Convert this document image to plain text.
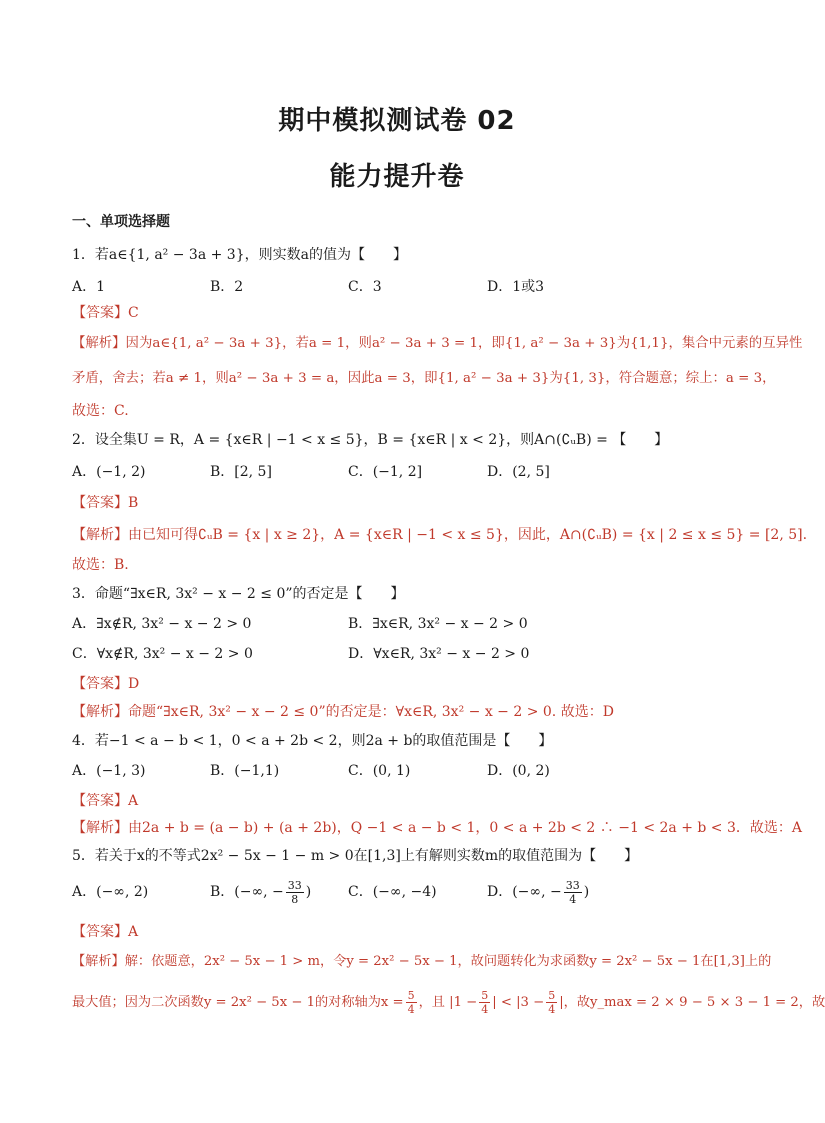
期中模拟测试卷 02
能力提升卷
一、单项选择题
1．若a∈{1, a² − 3a + 3}，则实数a的值为【　　】
A．1	B．2	C．3	D．1或3
【答案】C
【解析】因为a∈{1, a² − 3a + 3}，若a = 1，则a² − 3a + 3 = 1，即{1, a² − 3a + 3}为{1,1}，集合中元素的互异性
矛盾，舍去；若a ≠ 1，则a² − 3a + 3 = a，因此a = 3，即{1, a² − 3a + 3}为{1, 3}，符合题意；综上：a = 3，
故选：C.
2．设全集U = R，A = {x∈R | −1 < x ≤ 5}，B = {x∈R | x < 2}，则A∩(∁ᵤB) = 【　　】
A．(−1, 2)	B．[2, 5]	C．(−1, 2]	D．(2, 5]
【答案】B
【解析】由已知可得∁ᵤB = {x | x ≥ 2}，A = {x∈R | −1 < x ≤ 5}，因此，A∩(∁ᵤB) = {x | 2 ≤ x ≤ 5} = [2, 5].
故选：B.
3．命题“∃x∈R, 3x² − x − 2 ≤ 0”的否定是【　　】
A．∃x∉R, 3x² − x − 2 > 0	B．∃x∈R, 3x² − x − 2 > 0
C．∀x∉R, 3x² − x − 2 > 0	D．∀x∈R, 3x² − x − 2 > 0
【答案】D
【解析】命题“∃x∈R, 3x² − x − 2 ≤ 0”的否定是：∀x∈R, 3x² − x − 2 > 0. 故选：D
4．若−1 < a − b < 1，0 < a + 2b < 2，则2a + b的取值范围是【　　】
A．(−1, 3)	B．(−1,1)	C．(0, 1)	D．(0, 2)
【答案】A
【解析】由2a + b = (a − b) + (a + 2b)，Q −1 < a − b < 1，0 < a + 2b < 2 ∴ −1 < 2a + b < 3．故选：A
5．若关于x的不等式2x² − 5x − 1 − m > 0在[1,3]上有解则实数m的取值范围为【　　】
A．(−∞, 2)	B．(−∞, − $\frac{33}{8}$ )	C．(−∞, −4)	D．(−∞, − $\frac{33}{4}$ )
【答案】A
【解析】解：依题意，2x² − 5x − 1 > m，令y = 2x² − 5x − 1，故问题转化为求函数y = 2x² − 5x − 1在[1,3]上的
最大值；因为二次函数y = 2x² − 5x − 1的对称轴为$x = \frac{5}{4}$ ，且 $|1 - \frac{5}{4}$ | < $|3 - \frac{5}{4}$ |，故y_max = 2 × 9 − 5 × 3 − 1 = 2，故
